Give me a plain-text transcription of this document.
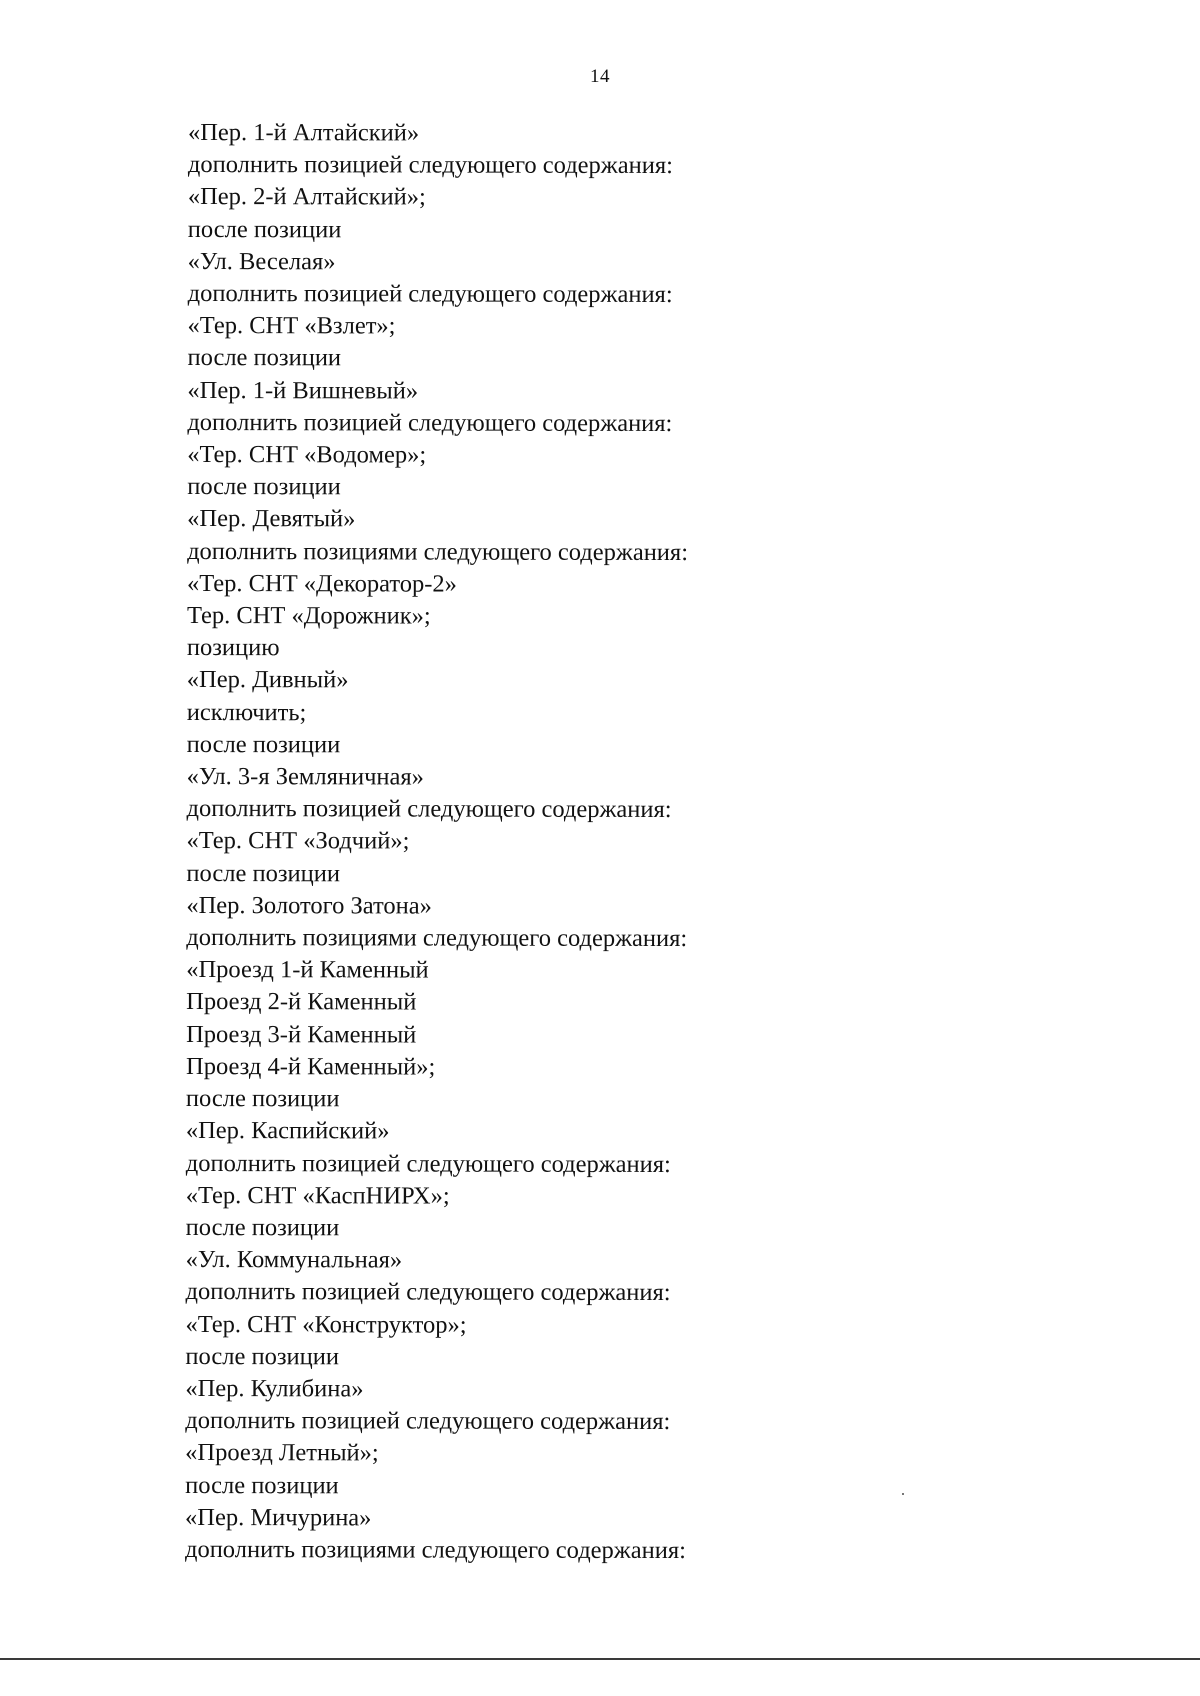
14
«Пер. 1-й Алтайский»
дополнить позицией следующего содержания:
«Пер. 2-й Алтайский»;
после позиции
«Ул. Веселая»
дополнить позицией следующего содержания:
«Тер. СНТ «Взлет»;
после позиции
«Пер. 1-й Вишневый»
дополнить позицией следующего содержания:
«Тер. СНТ «Водомер»;
после позиции
«Пер. Девятый»
дополнить позициями следующего содержания:
«Тер. СНТ «Декоратор-2»
Тер. СНТ «Дорожник»;
позицию
«Пер. Дивный»
исключить;
после позиции
«Ул. 3-я Земляничная»
дополнить позицией следующего содержания:
«Тер. СНТ «Зодчий»;
после позиции
«Пер. Золотого Затона»
дополнить позициями следующего содержания:
«Проезд 1-й Каменный
Проезд 2-й Каменный
Проезд 3-й Каменный
Проезд 4-й Каменный»;
после позиции
«Пер. Каспийский»
дополнить позицией следующего содержания:
«Тер. СНТ «КаспНИРХ»;
после позиции
«Ул. Коммунальная»
дополнить позицией следующего содержания:
«Тер. СНТ «Конструктор»;
после позиции
«Пер. Кулибина»
дополнить позицией следующего содержания:
«Проезд Летный»;
после позиции
«Пер. Мичурина»
дополнить позициями следующего содержания:
